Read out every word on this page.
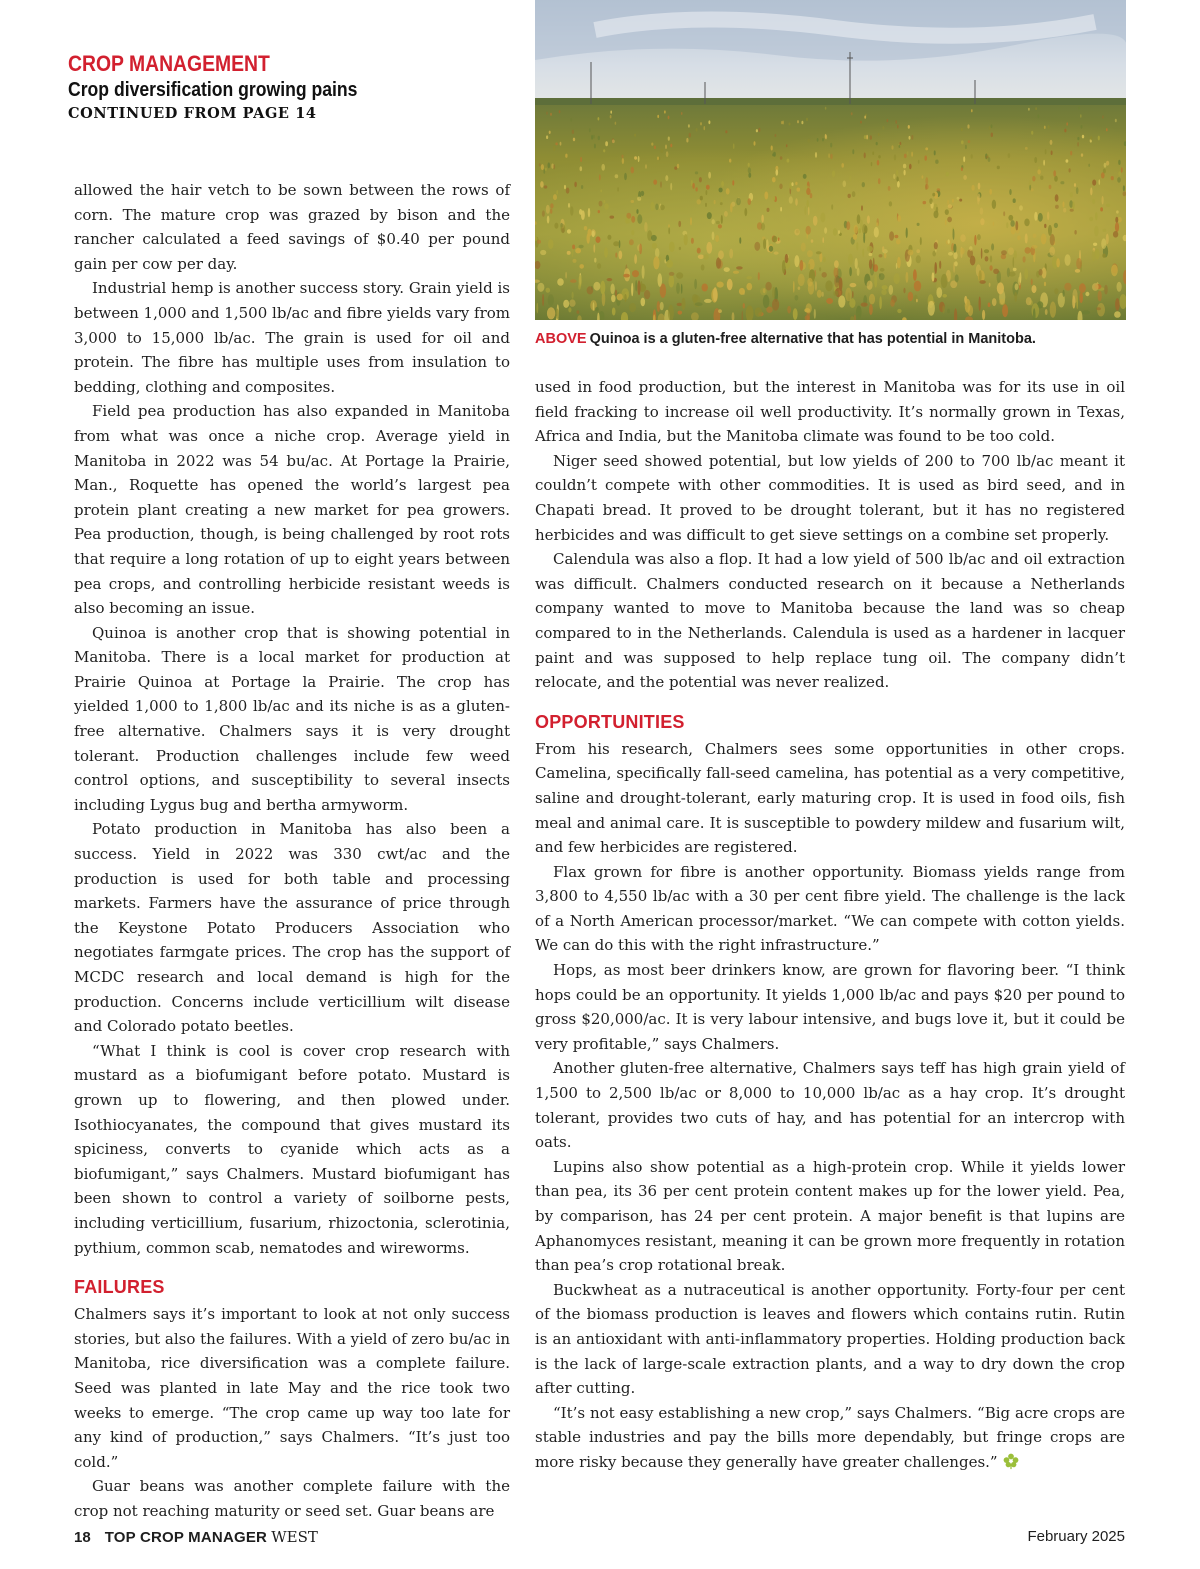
CROP MANAGEMENT
Crop diversification growing pains
CONTINUED FROM PAGE 14
ABOVE Quinoa is a gluten-free alternative that has potential in Manitoba.

allowed the hair vetch to be sown between the rows of corn. The mature crop was grazed by bison and the rancher calculated a feed savings of $0.40 per pound gain per cow per day.

Industrial hemp is another success story. Grain yield is between 1,000 and 1,500 lb/ac and fibre yields vary from 3,000 to 15,000 lb/ac. The grain is used for oil and protein. The fibre has multiple uses from insulation to bedding, clothing and composites.

Field pea production has also expanded in Manitoba from what was once a niche crop. Average yield in Manitoba in 2022 was 54 bu/ac. At Portage la Prairie, Man., Roquette has opened the world’s largest pea protein plant creating a new market for pea growers. Pea production, though, is being challenged by root rots that require a long rotation of up to eight years between pea crops, and controlling herbicide resistant weeds is also becoming an issue.

Quinoa is another crop that is showing potential in Manitoba. There is a local market for production at Prairie Quinoa at Portage la Prairie. The crop has yielded 1,000 to 1,800 lb/ac and its niche is as a gluten-free alternative. Chalmers says it is very drought tolerant. Production challenges include few weed control options, and susceptibility to several insects including Lygus bug and bertha armyworm.

Potato production in Manitoba has also been a success. Yield in 2022 was 330 cwt/ac and the production is used for both table and processing markets. Farmers have the assurance of price through the Keystone Potato Producers Association who negotiates farmgate prices. The crop has the support of MCDC research and local demand is high for the production. Concerns include verticillium wilt disease and Colorado potato beetles.

“What I think is cool is cover crop research with mustard as a biofumigant before potato. Mustard is grown up to flowering, and then plowed under. Isothiocyanates, the compound that gives mustard its spiciness, converts to cyanide which acts as a biofumigant,” says Chalmers. Mustard biofumigant has been shown to control a variety of soilborne pests, including verticillium, fusarium, rhizoctonia, sclerotinia, pythium, common scab, nematodes and wireworms.

FAILURES

Chalmers says it’s important to look at not only success stories, but also the failures. With a yield of zero bu/ac in Manitoba, rice diversification was a complete failure. Seed was planted in late May and the rice took two weeks to emerge. “The crop came up way too late for any kind of production,” says Chalmers. “It’s just too cold.”

Guar beans was another complete failure with the crop not reaching maturity or seed set. Guar beans are

used in food production, but the interest in Manitoba was for its use in oil field fracking to increase oil well productivity. It’s normally grown in Texas, Africa and India, but the Manitoba climate was found to be too cold.

Niger seed showed potential, but low yields of 200 to 700 lb/ac meant it couldn’t compete with other commodities. It is used as bird seed, and in Chapati bread. It proved to be drought tolerant, but it has no registered herbicides and was difficult to get sieve settings on a combine set properly.

Calendula was also a flop. It had a low yield of 500 lb/ac and oil extraction was difficult. Chalmers conducted research on it because a Netherlands company wanted to move to Manitoba because the land was so cheap compared to in the Netherlands. Calendula is used as a hardener in lacquer paint and was supposed to help replace tung oil. The company didn’t relocate, and the potential was never realized.

OPPORTUNITIES

From his research, Chalmers sees some opportunities in other crops. Camelina, specifically fall-seed camelina, has potential as a very competitive, saline and drought-tolerant, early maturing crop. It is used in food oils, fish meal and animal care. It is susceptible to powdery mildew and fusarium wilt, and few herbicides are registered.

Flax grown for fibre is another opportunity. Biomass yields range from 3,800 to 4,550 lb/ac with a 30 per cent fibre yield. The challenge is the lack of a North American processor/market. “We can compete with cotton yields. We can do this with the right infrastructure.”

Hops, as most beer drinkers know, are grown for flavoring beer. “I think hops could be an opportunity. It yields 1,000 lb/ac and pays $20 per pound to gross $20,000/ac. It is very labour intensive, and bugs love it, but it could be very profitable,” says Chalmers.

Another gluten-free alternative, Chalmers says teff has high grain yield of 1,500 to 2,500 lb/ac or 8,000 to 10,000 lb/ac as a hay crop. It’s drought tolerant, provides two cuts of hay, and has potential for an intercrop with oats.

Lupins also show potential as a high-protein crop. While it yields lower than pea, its 36 per cent protein content makes up for the lower yield. Pea, by comparison, has 24 per cent protein. A major benefit is that lupins are Aphanomyces resistant, meaning it can be grown more frequently in rotation than pea’s crop rotational break.

Buckwheat as a nutraceutical is another opportunity. Forty-four per cent of the biomass production is leaves and flowers which contains rutin. Rutin is an antioxidant with anti-inflammatory properties. Holding production back is the lack of large-scale extraction plants, and a way to dry down the crop after cutting.

“It’s not easy establishing a new crop,” says Chalmers. “Big acre crops are stable industries and pay the bills more dependably, but fringe crops are more risky because they generally have greater challenges.”

18 TOP CROP MANAGER WEST	February 2025
